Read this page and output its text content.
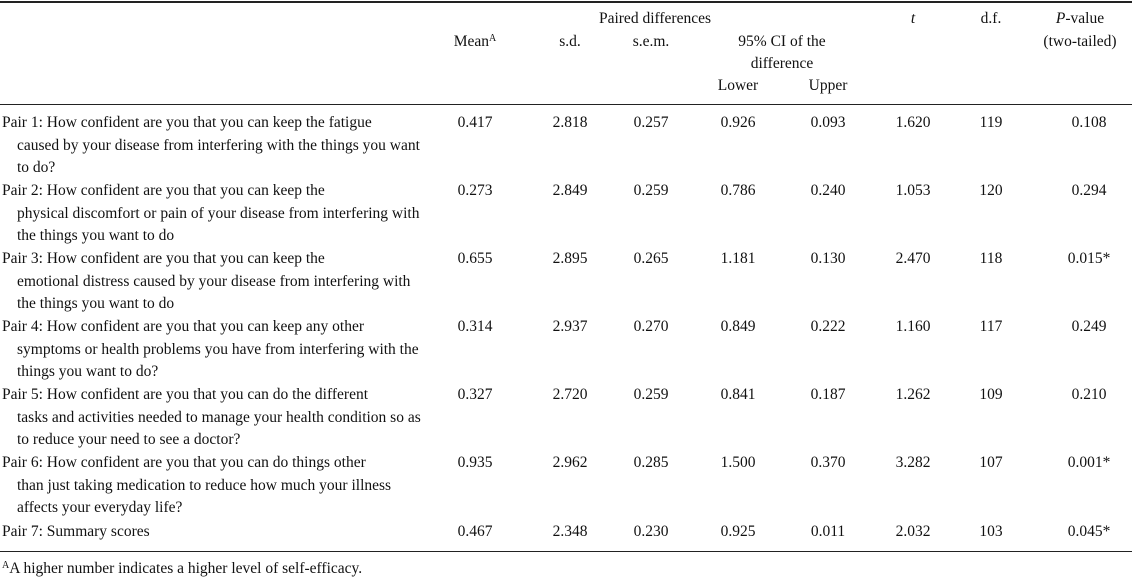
Paired differences
Mean$^A$	s.d.	s.e.m.	95% CI of the
difference
Lower	Upper
t	d.f.	P-value
(two-tailed)
Pair 1: How confident are you that you can keep the fatigue
caused by your disease from interfering with the things you want to do?
0.417	2.818	0.257	0.926	0.093	1.620	119	0.108
Pair 2: How confident are you that you can keep the
physical discomfort or pain of your disease from interfering with the things you want to do
0.273	2.849	0.259	0.786	0.240	1.053	120	0.294
Pair 3: How confident are you that you can keep the
emotional distress caused by your disease from interfering with the things you want to do
0.655	2.895	0.265	1.181	0.130	2.470	118	0.015*
Pair 4: How confident are you that you can keep any other
symptoms or health problems you have from interfering with the things you want to do?
0.314	2.937	0.270	0.849	0.222	1.160	117	0.249
Pair 5: How confident are you that you can do the different
tasks and activities needed to manage your health condition so as to reduce your need to see a doctor?
0.327	2.720	0.259	0.841	0.187	1.262	109	0.210
Pair 6: How confident are you that you can do things other
than just taking medication to reduce how much your illness affects your everyday life?
0.935	2.962	0.285	1.500	0.370	3.282	107	0.001*
Pair 7: Summary scores	0.467	2.348	0.230	0.925	0.011	2.032	103	0.045*
$^A$A higher number indicates a higher level of self-efficacy.
